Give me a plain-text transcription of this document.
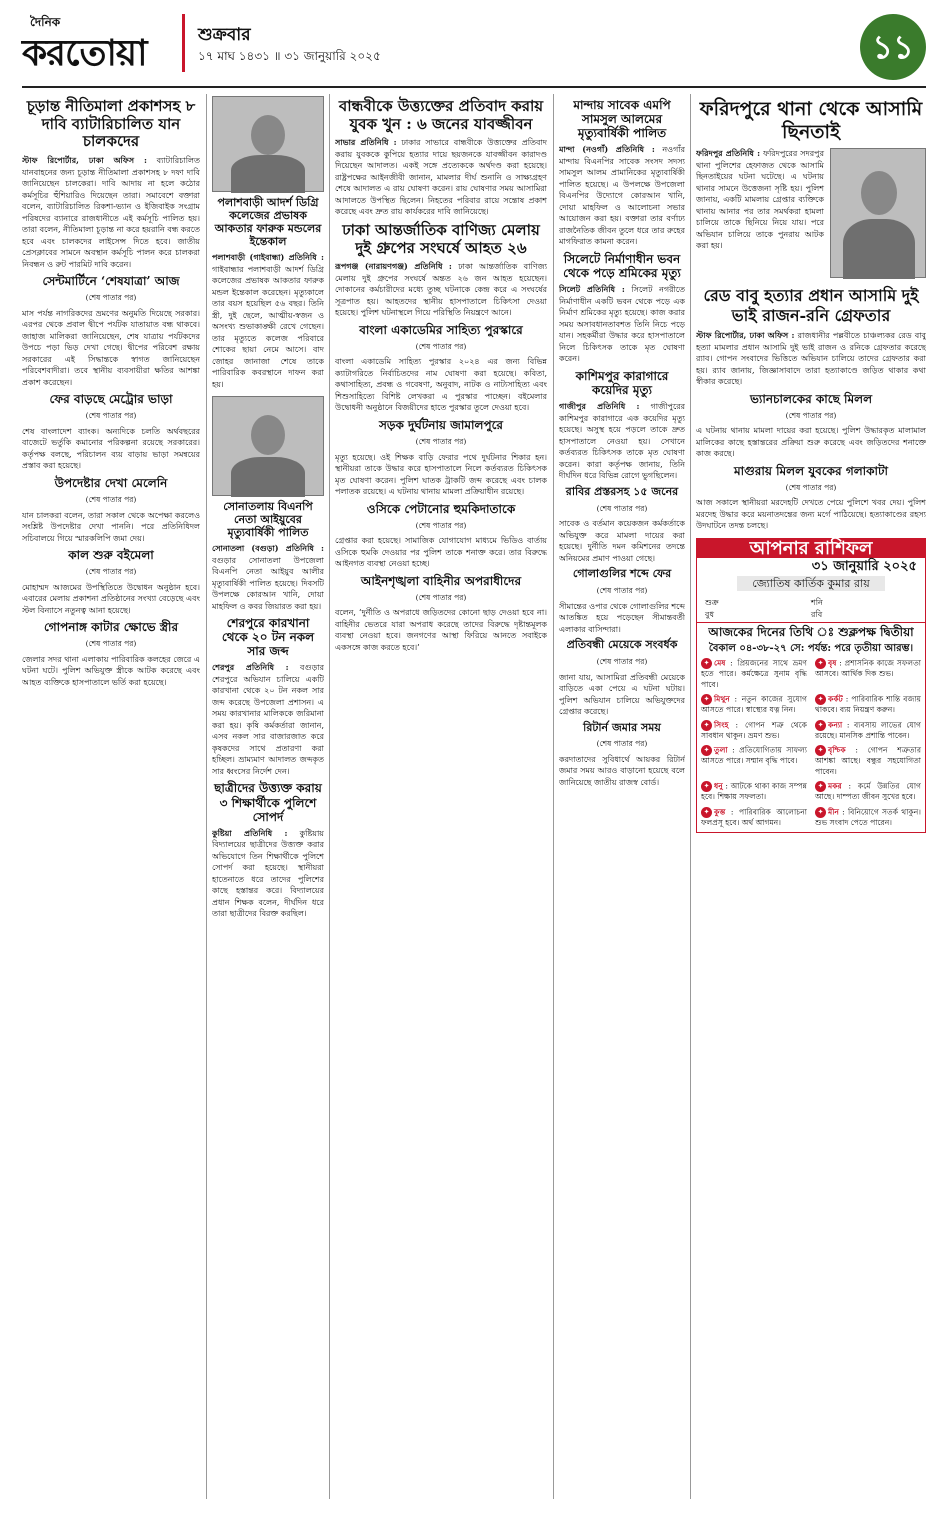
দৈনিক
করতোয়া	শুক্রবার
১৭ মাঘ ১৪৩১ ॥ ৩১ জানুয়ারি ২০২৫	১১
চূড়ান্ত নীতিমালা প্রকাশসহ ৮ দাবি ব্যাটারিচালিত যান চালকদের
স্টাফ রিপোর্টার, ঢাকা অফিস : ব্যাটারিচালিত যানবাহনের জন্য চূড়ান্ত নীতিমালা প্রকাশসহ ৮ দফা দাবি জানিয়েছেন চালকেরা। দাবি আদায় না হলে কঠোর কর্মসূচির হুঁশিয়ারিও দিয়েছেন তারা। সমাবেশে বক্তারা বলেন, ব্যাটারিচালিত রিকশা-ভ্যান ও ইজিবাইক সংগ্রাম পরিষদের ব্যানারে রাজধানীতে এই কর্মসূচি পালিত হয়। তারা বলেন, নীতিমালা চূড়ান্ত না করে হয়রানি বন্ধ করতে হবে এবং চালকদের লাইসেন্স দিতে হবে। জাতীয় প্রেসক্লাবের সামনে অবস্থান কর্মসূচি পালন করে চালকরা নিবন্ধন ও রুট পারমিট দাবি করেন।
সেন্টমার্টিনে ‘শেষযাত্রা’ আজ
(শেষ পাতার পর)
মাস পর্যন্ত নাগরিকদের ভ্রমণের অনুমতি দিয়েছে সরকার। এরপর থেকে প্রবাল দ্বীপে পর্যটক যাতায়াত বন্ধ থাকবে। জাহাজ মালিকরা জানিয়েছেন, শেষ যাত্রায় পর্যটকদের উপচে পড়া ভিড় দেখা গেছে। দ্বীপের পরিবেশ রক্ষায় সরকারের এই সিদ্ধান্তকে স্বাগত জানিয়েছেন পরিবেশবাদীরা। তবে স্থানীয় ব্যবসায়ীরা ক্ষতির আশঙ্কা প্রকাশ করেছেন।
ফের বাড়ছে মেট্রোর ভাড়া
(শেষ পাতার পর)
শেষ বাংলাদেশ ব্যাংক। অন্যদিকে চলতি অর্থবছরের বাজেটে ভর্তুকি কমানোর পরিকল্পনা রয়েছে সরকারের। কর্তৃপক্ষ বলছে, পরিচালন ব্যয় বাড়ায় ভাড়া সমন্বয়ের প্রস্তাব করা হয়েছে।
উপদেষ্টার দেখা মেলেনি
(শেষ পাতার পর)
যান চালকরা বলেন, তারা সকাল থেকে অপেক্ষা করলেও সংশ্লিষ্ট উপদেষ্টার দেখা পাননি। পরে প্রতিনিধিদল সচিবালয়ে গিয়ে স্মারকলিপি জমা দেয়।
কাল শুরু বইমেলা
(শেষ পাতার পর)
মোহাম্মদ আজমের উপস্থিতিতে উদ্বোধন অনুষ্ঠান হবে। এবারের মেলায় প্রকাশনা প্রতিষ্ঠানের সংখ্যা বেড়েছে এবং স্টল বিন্যাসে নতুনত্ব আনা হয়েছে।
গোপনাঙ্গ কাটার ক্ষোভে স্ত্রীর
(শেষ পাতার পর)
জেলার সদর থানা এলাকায় পারিবারিক কলহের জেরে এ ঘটনা ঘটে। পুলিশ অভিযুক্ত স্ত্রীকে আটক করেছে এবং আহত ব্যক্তিকে হাসপাতালে ভর্তি করা হয়েছে।
পলাশবাড়ী আদর্শ ডিগ্রি কলেজের প্রভাষক আকতার ফারুক মন্ডলের ইন্তেকাল
পলাশবাড়ী (গাইবান্ধা) প্রতিনিধি : গাইবান্ধার পলাশবাড়ী আদর্শ ডিগ্রি কলেজের প্রভাষক আকতার ফারুক মন্ডল ইন্তেকাল করেছেন। মৃত্যুকালে তার বয়স হয়েছিল ৫৬ বছর। তিনি স্ত্রী, দুই ছেলে, আত্মীয়-স্বজন ও অসংখ্য শুভাকাঙ্ক্ষী রেখে গেছেন। তার মৃত্যুতে কলেজ পরিবারে শোকের ছায়া নেমে আসে। বাদ জোহর জানাজা শেষে তাকে পারিবারিক কবরস্থানে দাফন করা হয়।
সোনাতলায় বিএনপি নেতা আইয়ুবের মৃত্যুবার্ষিকী পালিত
সোনাতলা (বগুড়া) প্রতিনিধি : বগুড়ার সোনাতলা উপজেলা বিএনপি নেতা আইয়ুব আলীর মৃত্যুবার্ষিকী পালিত হয়েছে। দিবসটি উপলক্ষে কোরআন খানি, দোয়া মাহফিল ও কবর জিয়ারত করা হয়।
শেরপুরে কারখানা থেকে ২০ টন নকল সার জব্দ
শেরপুর প্রতিনিধি : বগুড়ার শেরপুরে অভিযান চালিয়ে একটি কারখানা থেকে ২০ টন নকল সার জব্দ করেছে উপজেলা প্রশাসন। এ সময় কারখানার মালিককে জরিমানা করা হয়। কৃষি কর্মকর্তারা জানান, এসব নকল সার বাজারজাত করে কৃষকদের সাথে প্রতারণা করা হচ্ছিল। ভ্রাম্যমাণ আদালত জব্দকৃত সার ধ্বংসের নির্দেশ দেন।
ছাত্রীদের উত্ত্যক্ত করায় ৩ শিক্ষার্থীকে পুলিশে সোপর্দ
কুষ্টিয়া প্রতিনিধি : কুষ্টিয়ায় বিদ্যালয়ের ছাত্রীদের উত্ত্যক্ত করার অভিযোগে তিন শিক্ষার্থীকে পুলিশে সোপর্দ করা হয়েছে। স্থানীয়রা হাতেনাতে ধরে তাদের পুলিশের কাছে হস্তান্তর করে। বিদ্যালয়ের প্রধান শিক্ষক বলেন, দীর্ঘদিন ধরে তারা ছাত্রীদের বিরক্ত করছিল।
বান্ধবীকে উত্ত্যক্তের প্রতিবাদ করায় যুবক খুন : ৬ জনের যাবজ্জীবন
সাভার প্রতিনিধি : ঢাকার সাভারে বান্ধবীকে উত্ত্যক্তের প্রতিবাদ করায় যুবককে কুপিয়ে হত্যার দায়ে ছয়জনকে যাবজ্জীবন কারাদণ্ড দিয়েছেন আদালত। একই সঙ্গে প্রত্যেককে অর্থদণ্ড করা হয়েছে। রাষ্ট্রপক্ষের আইনজীবী জানান, মামলার দীর্ঘ শুনানি ও সাক্ষ্যগ্রহণ শেষে আদালত এ রায় ঘোষণা করেন। রায় ঘোষণার সময় আসামিরা আদালতে উপস্থিত ছিলেন। নিহতের পরিবার রায়ে সন্তোষ প্রকাশ করেছে এবং দ্রুত রায় কার্যকরের দাবি জানিয়েছে।
ঢাকা আন্তর্জাতিক বাণিজ্য মেলায় দুই গ্রুপের সংঘর্ষে আহত ২৬
রূপগঞ্জ (নারায়ণগঞ্জ) প্রতিনিধি : ঢাকা আন্তর্জাতিক বাণিজ্য মেলায় দুই গ্রুপের সংঘর্ষে অন্তত ২৬ জন আহত হয়েছেন। দোকানের কর্মচারীদের মধ্যে তুচ্ছ ঘটনাকে কেন্দ্র করে এ সংঘর্ষের সূত্রপাত হয়। আহতদের স্থানীয় হাসপাতালে চিকিৎসা দেওয়া হয়েছে। পুলিশ ঘটনাস্থলে গিয়ে পরিস্থিতি নিয়ন্ত্রণে আনে।
বাংলা একাডেমির সাহিত্য পুরস্কারে
(শেষ পাতার পর)
বাংলা একাডেমি সাহিত্য পুরস্কার ২০২৪ এর জন্য বিভিন্ন ক্যাটাগরিতে নির্বাচিতদের নাম ঘোষণা করা হয়েছে। কবিতা, কথাসাহিত্য, প্রবন্ধ ও গবেষণা, অনুবাদ, নাটক ও নাট্যসাহিত্য এবং শিশুসাহিত্যে বিশিষ্ট লেখকরা এ পুরস্কার পাচ্ছেন। বইমেলার উদ্বোধনী অনুষ্ঠানে বিজয়ীদের হাতে পুরস্কার তুলে দেওয়া হবে।
সড়ক দুর্ঘটনায় জামালপুরে
(শেষ পাতার পর)
মৃত্যু হয়েছে। ওই শিক্ষক বাড়ি ফেরার পথে দুর্ঘটনার শিকার হন। স্থানীয়রা তাকে উদ্ধার করে হাসপাতালে নিলে কর্তব্যরত চিকিৎসক মৃত ঘোষণা করেন। পুলিশ ঘাতক ট্রাকটি জব্দ করেছে এবং চালক পলাতক রয়েছে। এ ঘটনায় থানায় মামলা প্রক্রিয়াধীন রয়েছে।
ওসিকে পেটানোর হুমকিদাতাকে
(শেষ পাতার পর)
গ্রেপ্তার করা হয়েছে। সামাজিক যোগাযোগ মাধ্যমে ভিডিও বার্তায় ওসিকে হুমকি দেওয়ার পর পুলিশ তাকে শনাক্ত করে। তার বিরুদ্ধে আইনগত ব্যবস্থা নেওয়া হচ্ছে।
আইনশৃঙ্খলা বাহিনীর অপরাধীদের
(শেষ পাতার পর)
বলেন, ‘দুর্নীতি ও অপরাধে জড়িতদের কোনো ছাড় দেওয়া হবে না। বাহিনীর ভেতরে যারা অপরাধ করেছে তাদের বিরুদ্ধে দৃষ্টান্তমূলক ব্যবস্থা নেওয়া হবে। জনগণের আস্থা ফিরিয়ে আনতে সবাইকে একসঙ্গে কাজ করতে হবে।’
মান্দায় সাবেক এমপি সামসুল আলমের মৃত্যুবার্ষিকী পালিত
মান্দা (নওগাঁ) প্রতিনিধি : নওগাঁর মান্দায় বিএনপির সাবেক সংসদ সদস্য সামসুল আলম প্রামানিকের মৃত্যুবার্ষিকী পালিত হয়েছে। এ উপলক্ষে উপজেলা বিএনপির উদ্যোগে কোরআন খানি, দোয়া মাহফিল ও আলোচনা সভার আয়োজন করা হয়। বক্তারা তার বর্ণাঢ্য রাজনৈতিক জীবন তুলে ধরে তার রুহের মাগফিরাত কামনা করেন।
সিলেটে নির্মাণাধীন ভবন থেকে পড়ে শ্রমিকের মৃত্যু
সিলেট প্রতিনিধি : সিলেট নগরীতে নির্মাণাধীন একটি ভবন থেকে পড়ে এক নির্মাণ শ্রমিকের মৃত্যু হয়েছে। কাজ করার সময় অসাবধানতাবশত তিনি নিচে পড়ে যান। সহকর্মীরা উদ্ধার করে হাসপাতালে নিলে চিকিৎসক তাকে মৃত ঘোষণা করেন।
কাশিমপুর কারাগারে কয়েদির মৃত্যু
গাজীপুর প্রতিনিধি : গাজীপুরের কাশিমপুর কারাগারে এক কয়েদির মৃত্যু হয়েছে। অসুস্থ হয়ে পড়লে তাকে দ্রুত হাসপাতালে নেওয়া হয়। সেখানে কর্তব্যরত চিকিৎসক তাকে মৃত ঘোষণা করেন। কারা কর্তৃপক্ষ জানায়, তিনি দীর্ঘদিন ধরে বিভিন্ন রোগে ভুগছিলেন।
রাবির প্রস্তরসহ ১৫ জনের
(শেষ পাতার পর)
সাবেক ও বর্তমান কয়েকজন কর্মকর্তাকে অভিযুক্ত করে মামলা দায়ের করা হয়েছে। দুর্নীতি দমন কমিশনের তদন্তে অনিয়মের প্রমাণ পাওয়া গেছে।
গোলাগুলির শব্দে ফের
(শেষ পাতার পর)
সীমান্তের ওপার থেকে গোলাগুলির শব্দে আতঙ্কিত হয়ে পড়েছেন সীমান্তবর্তী এলাকার বাসিন্দারা।
প্রতিবন্ধী মেয়েকে সংবর্ধক
(শেষ পাতার পর)
জানা যায়, আসামিরা প্রতিবন্ধী মেয়েকে বাড়িতে একা পেয়ে এ ঘটনা ঘটায়। পুলিশ অভিযান চালিয়ে অভিযুক্তদের গ্রেপ্তার করেছে।
রিটার্ন জমার সময়
(শেষ পাতার পর)
করদাতাদের সুবিধার্থে আয়কর রিটার্ন জমার সময় আরও বাড়ানো হয়েছে বলে জানিয়েছে জাতীয় রাজস্ব বোর্ড।
ফরিদপুরে থানা থেকে আসামি ছিনতাই
ফরিদপুর প্রতিনিধি : ফরিদপুরের সদরপুর থানা পুলিশের হেফাজত থেকে আসামি ছিনতাইয়ের ঘটনা ঘটেছে। এ ঘটনায় থানার সামনে উত্তেজনা সৃষ্টি হয়। পুলিশ জানায়, একটি মামলায় গ্রেপ্তার ব্যক্তিকে থানায় আনার পর তার সমর্থকরা হামলা চালিয়ে তাকে ছিনিয়ে নিয়ে যায়। পরে অভিযান চালিয়ে তাকে পুনরায় আটক করা হয়।
রেড বাবু হত্যার প্রধান আসামি দুই ভাই রাজন-রনি গ্রেফতার
স্টাফ রিপোর্টার, ঢাকা অফিস : রাজধানীর পল্লবীতে চাঞ্চল্যকর রেড বাবু হত্যা মামলার প্রধান আসামি দুই ভাই রাজন ও রনিকে গ্রেফতার করেছে র‌্যাব। গোপন সংবাদের ভিত্তিতে অভিযান চালিয়ে তাদের গ্রেফতার করা হয়। র‌্যাব জানায়, জিজ্ঞাসাবাদে তারা হত্যাকাণ্ডে জড়িত থাকার কথা স্বীকার করেছে।
ভ্যানচালকের কাছে মিলল
(শেষ পাতার পর)
এ ঘটনায় থানায় মামলা দায়ের করা হয়েছে। পুলিশ উদ্ধারকৃত মালামাল মালিকের কাছে হস্তান্তরের প্রক্রিয়া শুরু করেছে এবং জড়িতদের শনাক্তে কাজ করছে।
মাগুরায় মিলল যুবকের গলাকাটা
(শেষ পাতার পর)
আজ সকালে স্থানীয়রা মরদেহটি দেখতে পেয়ে পুলিশে খবর দেয়। পুলিশ মরদেহ উদ্ধার করে ময়নাতদন্তের জন্য মর্গে পাঠিয়েছে। হত্যাকাণ্ডের রহস্য উদঘাটনে তদন্ত চলছে।
আপনার রাশিফল
৩১ জানুয়ারি ২০২৫
জ্যোতিষ কার্তিক কুমার রায়
শুক্র	শনি
বুধ	রবি
আজকের দিনের তিথি ঃ শুক্লপক্ষ দ্বিতীয়া
বৈকাল ০৪-৩৮-২৭ সে: পর্যন্ত: পরে তৃতীয়া আরম্ভ।
✦ মেষ : প্রিয়জনের সাথে ভ্রমণ হতে পারে। কর্মক্ষেত্রে সুনাম বৃদ্ধি পাবে।
✦ বৃষ : প্রশাসনিক কাজে সফলতা আসবে। আর্থিক দিক শুভ।
✦ মিথুন : নতুন কাজের সুযোগ আসতে পারে। স্বাস্থ্যের যত্ন নিন।
✦ কর্কট : পারিবারিক শান্তি বজায় থাকবে। ব্যয় নিয়ন্ত্রণ করুন।
✦ সিংহ : গোপন শত্রু থেকে সাবধান থাকুন। ভ্রমণ শুভ।
✦ কন্যা : ব্যবসায় লাভের যোগ রয়েছে। মানসিক প্রশান্তি পাবেন।
✦ তুলা : প্রতিযোগিতায় সাফল্য আসতে পারে। সম্মান বৃদ্ধি পাবে।
✦ বৃশ্চিক : গোপন শত্রুতার আশঙ্কা আছে। বন্ধুর সহযোগিতা পাবেন।
✦ ধনু : আটকে থাকা কাজ সম্পন্ন হবে। শিক্ষায় সফলতা।
✦ মকর : কর্মে উন্নতির যোগ আছে। দাম্পত্য জীবন সুখের হবে।
✦ কুম্ভ : পারিবারিক আলোচনা ফলপ্রসূ হবে। অর্থ আগমন।
✦ মীন : বিনিয়োগে সতর্ক থাকুন। শুভ সংবাদ পেতে পারেন।
